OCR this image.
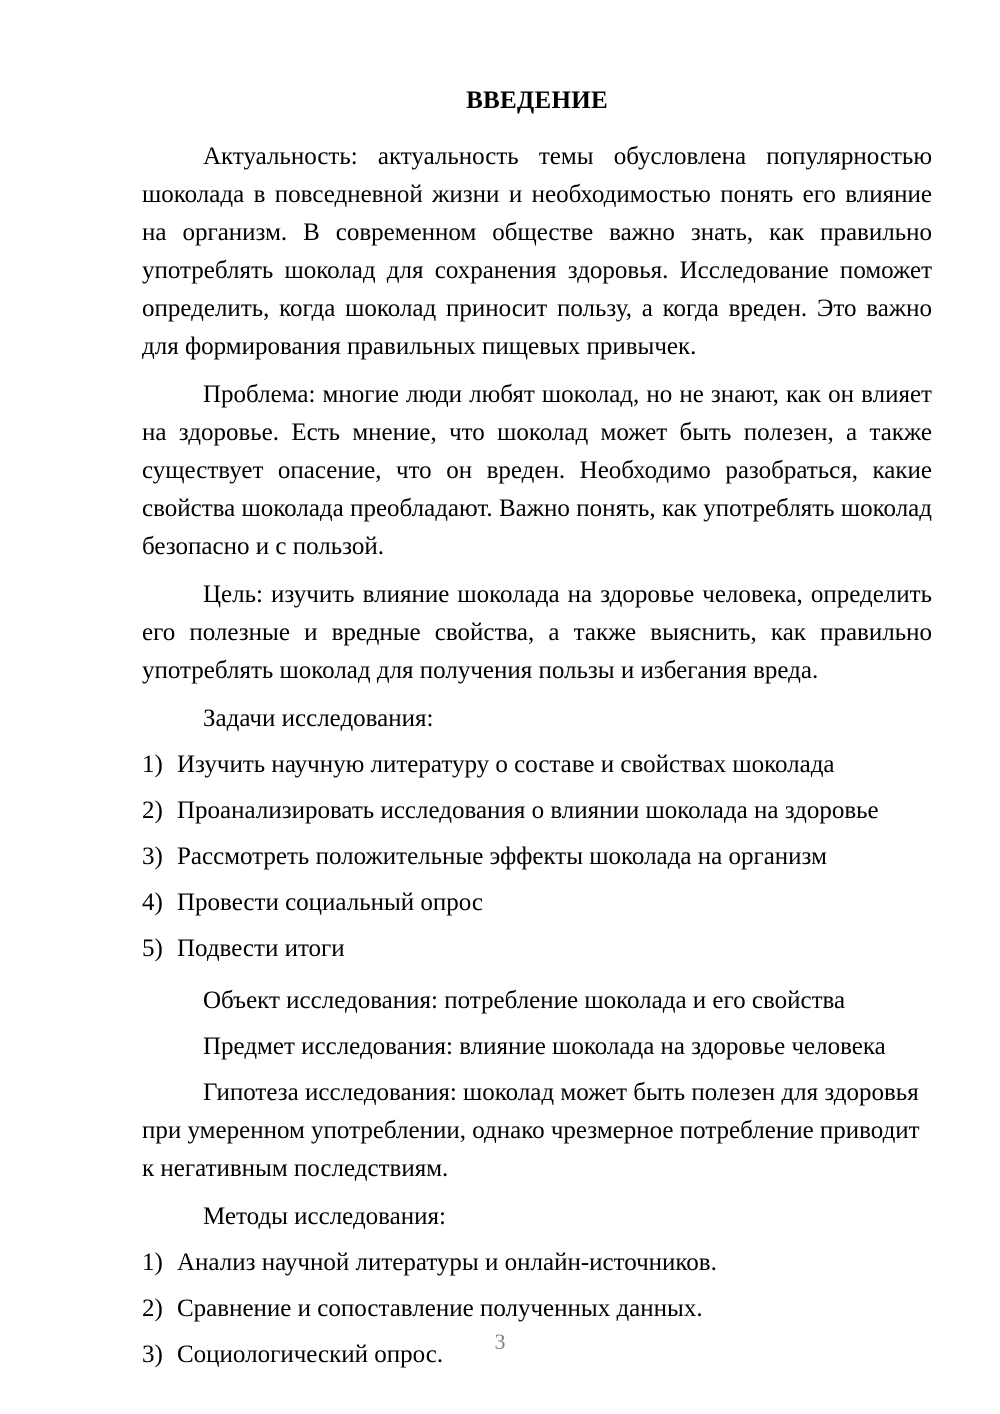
ВВЕДЕНИЕ

Актуальность: актуальность темы обусловлена популярностью шоколада в повседневной жизни и необходимостью понять его влияние на организм. В современном обществе важно знать, как правильно употреблять шоколад для сохранения здоровья. Исследование поможет определить, когда шоколад приносит пользу, а когда вреден. Это важно для формирования правильных пищевых привычек.

Проблема: многие люди любят шоколад, но не знают, как он влияет на здоровье. Есть мнение, что шоколад может быть полезен, а также существует опасение, что он вреден. Необходимо разобраться, какие свойства шоколада преобладают. Важно понять, как употреблять шоколад безопасно и с пользой.

Цель: изучить влияние шоколада на здоровье человека, определить его полезные и вредные свойства, а также выяснить, как правильно употреблять шоколад для получения пользы и избегания вреда.

Задачи исследования:
1) Изучить научную литературу о составе и свойствах шоколада
2) Проанализировать исследования о влиянии шоколада на здоровье
3) Рассмотреть положительные эффекты шоколада на организм
4) Провести социальный опрос
5) Подвести итоги
Объект исследования: потребление шоколада и его свойства
Предмет исследования: влияние шоколада на здоровье человека

Гипотеза исследования: шоколад может быть полезен для здоровья при умеренном употреблении, однако чрезмерное потребление приводит к негативным последствиям.

Методы исследования:
1) Анализ научной литературы и онлайн-источников.
2) Сравнение и сопоставление полученных данных.
3) Социологический опрос.	3
